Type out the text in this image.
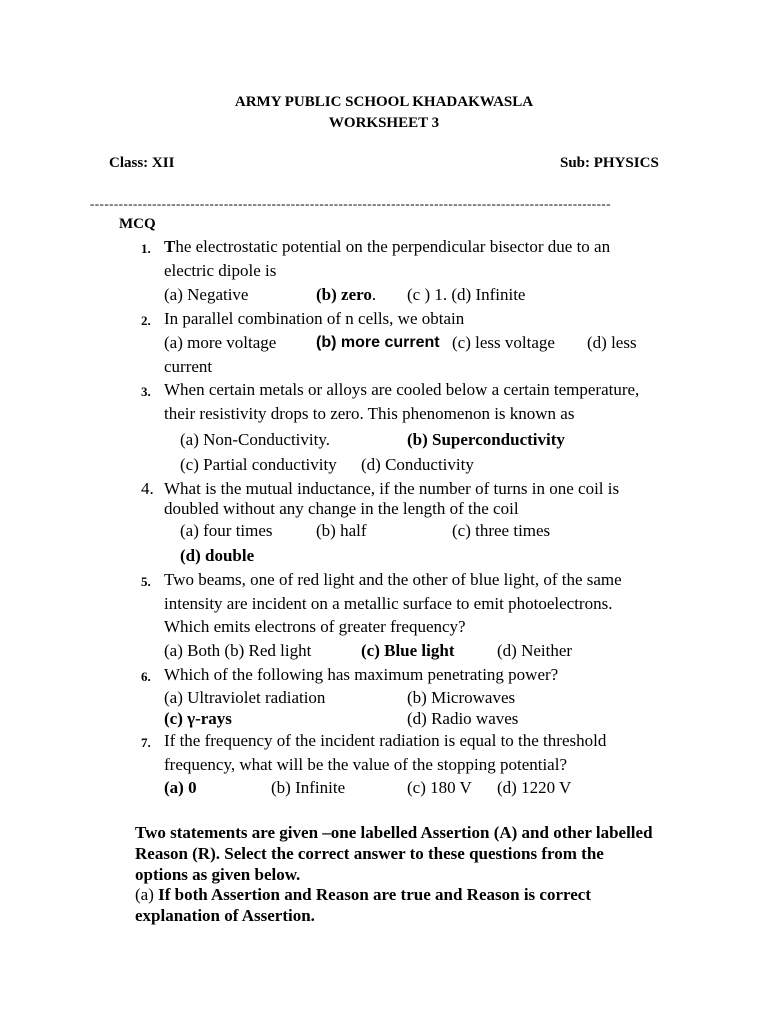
ARMY PUBLIC SCHOOL KHADAKWASLA
WORKSHEET 3
Class: XII	Sub: PHYSICS
-------------------------------------------------------------------------------------------------------------
MCQ
1. The electrostatic potential on the perpendicular bisector due to an
electric dipole is
(a) Negative	(b) zero. (c ) 1. (d) Infinite
2. In parallel combination of n cells, we obtain
(a) more voltage (b) more current (c) less voltage (d) less
current
3. When certain metals or alloys are cooled below a certain temperature,
their resistivity drops to zero. This phenomenon is known as
(a) Non-Conductivity.	(b) Superconductivity
(c) Partial conductivity (d) Conductivity
4. What is the mutual inductance, if the number of turns in one coil is
doubled without any change in the length of the coil
(a) four times	(b) half	(c) three times
(d) double
5. Two beams, one of red light and the other of blue light, of the same
intensity are incident on a metallic surface to emit photoelectrons.
Which emits electrons of greater frequency?
(a) Both (b) Red light	(c) Blue light	(d) Neither
6. Which of the following has maximum penetrating power?
(a) Ultraviolet radiation	(b) Microwaves
(c) γ-rays	(d) Radio waves
7. If the frequency of the incident radiation is equal to the threshold
frequency, what will be the value of the stopping potential?
(a) 0	(b) Infinite	(c) 180 V (d) 1220 V
Two statements are given –one labelled Assertion (A) and other labelled
Reason (R). Select the correct answer to these questions from the
options as given below.
(a) If both Assertion and Reason are true and Reason is correct
explanation of Assertion.
